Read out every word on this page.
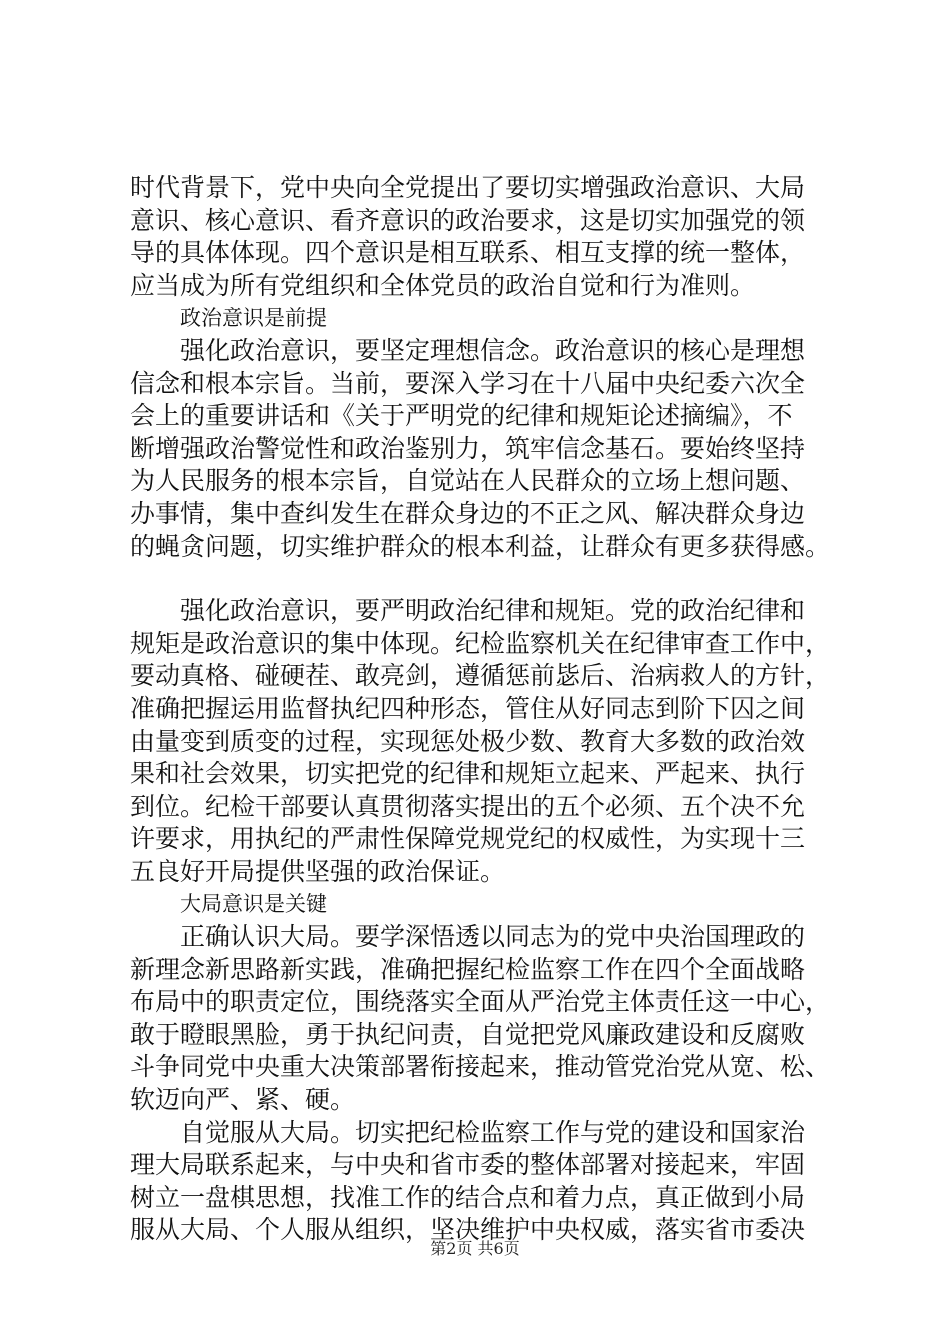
时代背景下，党中央向全党提出了要切实增强政治意识、大局
意识、核心意识、看齐意识的政治要求，这是切实加强党的领
导的具体体现。四个意识是相互联系、相互支撑的统一整体，
应当成为所有党组织和全体党员的政治自觉和行为准则。
政治意识是前提
强化政治意识，要坚定理想信念。政治意识的核心是理想
信念和根本宗旨。当前，要深入学习在十八届中央纪委六次全
会上的重要讲话和《关于严明党的纪律和规矩论述摘编》，不
断增强政治警觉性和政治鉴别力，筑牢信念基石。要始终坚持
为人民服务的根本宗旨，自觉站在人民群众的立场上想问题、
办事情，集中查纠发生在群众身边的不正之风、解决群众身边
的蝇贪问题，切实维护群众的根本利益，让群众有更多获得感。
强化政治意识，要严明政治纪律和规矩。党的政治纪律和
规矩是政治意识的集中体现。纪检监察机关在纪律审查工作中，
要动真格、碰硬茬、敢亮剑，遵循惩前毖后、治病救人的方针，
准确把握运用监督执纪四种形态，管住从好同志到阶下囚之间
由量变到质变的过程，实现惩处极少数、教育大多数的政治效
果和社会效果，切实把党的纪律和规矩立起来、严起来、执行
到位。纪检干部要认真贯彻落实提出的五个必须、五个决不允
许要求，用执纪的严肃性保障党规党纪的权威性，为实现十三
五良好开局提供坚强的政治保证。
大局意识是关键
正确认识大局。要学深悟透以同志为的党中央治国理政的
新理念新思路新实践，准确把握纪检监察工作在四个全面战略
布局中的职责定位，围绕落实全面从严治党主体责任这一中心，
敢于瞪眼黑脸，勇于执纪问责，自觉把党风廉政建设和反腐败
斗争同党中央重大决策部署衔接起来，推动管党治党从宽、松、
软迈向严、紧、硬。
自觉服从大局。切实把纪检监察工作与党的建设和国家治
理大局联系起来，与中央和省市委的整体部署对接起来，牢固
树立一盘棋思想，找准工作的结合点和着力点，真正做到小局
服从大局、个人服从组织，坚决维护中央权威，落实省市委决
第2页 共6页
